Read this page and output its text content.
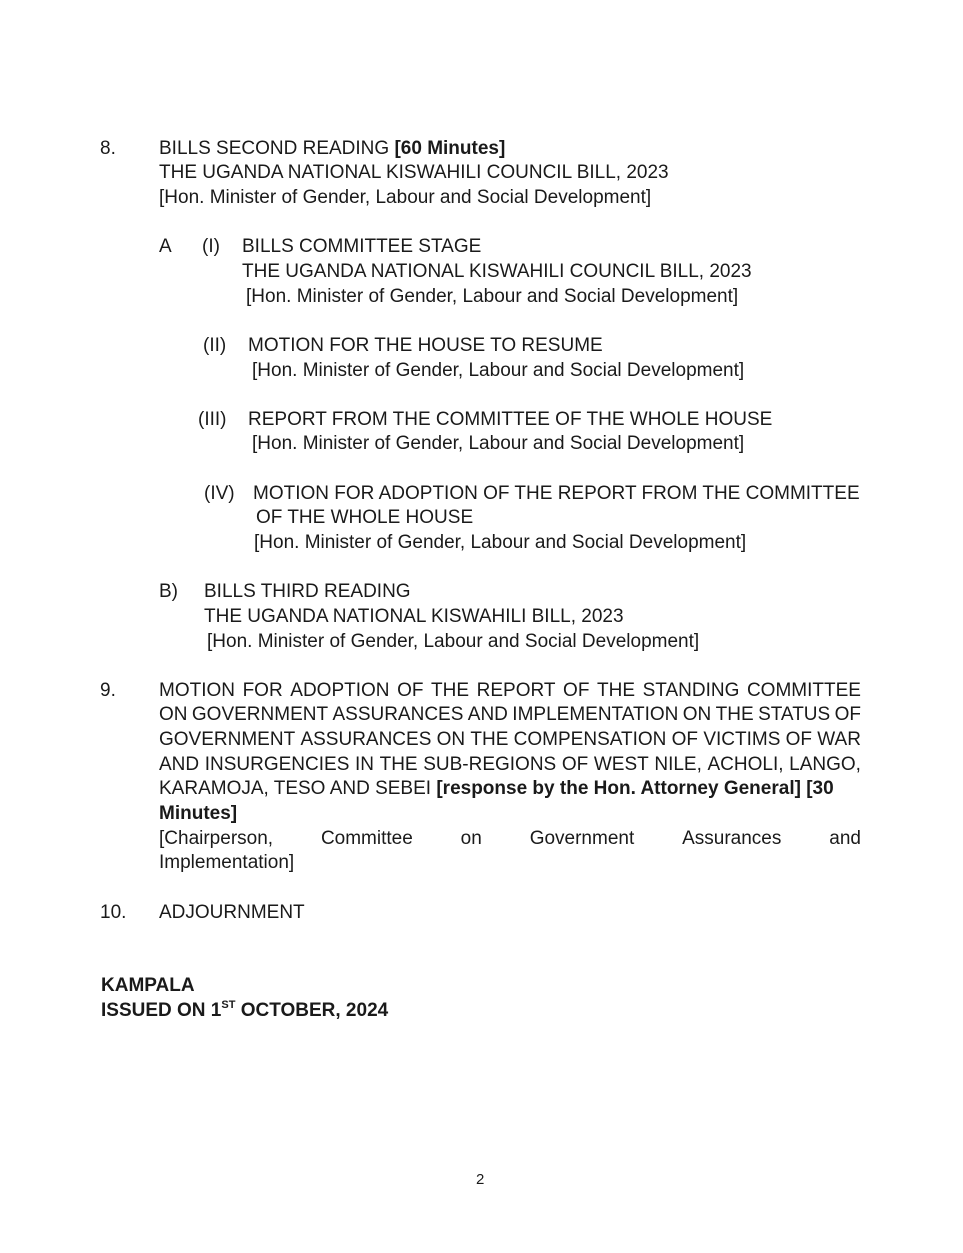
8. BILLS SECOND READING [60 Minutes]
THE UGANDA NATIONAL KISWAHILI COUNCIL BILL, 2023
[Hon. Minister of Gender, Labour and Social Development]
A (I) BILLS COMMITTEE STAGE
THE UGANDA NATIONAL KISWAHILI COUNCIL BILL, 2023
[Hon. Minister of Gender, Labour and Social Development]
(II) MOTION FOR THE HOUSE TO RESUME
[Hon. Minister of Gender, Labour and Social Development]
(III) REPORT FROM THE COMMITTEE OF THE WHOLE HOUSE
[Hon. Minister of Gender, Labour and Social Development]
(IV) MOTION FOR ADOPTION OF THE REPORT FROM THE COMMITTEE
OF THE WHOLE HOUSE
[Hon. Minister of Gender, Labour and Social Development]
B) BILLS THIRD READING
THE UGANDA NATIONAL KISWAHILI BILL, 2023
[Hon. Minister of Gender, Labour and Social Development]
9. MOTION FOR ADOPTION OF THE REPORT OF THE STANDING COMMITTEE
ON GOVERNMENT ASSURANCES AND IMPLEMENTATION ON THE STATUS OF
GOVERNMENT ASSURANCES ON THE COMPENSATION OF VICTIMS OF WAR
AND INSURGENCIES IN THE SUB-REGIONS OF WEST NILE, ACHOLI, LANGO,
KARAMOJA, TESO AND SEBEI [response by the Hon. Attorney General] [30
Minutes]
[Chairperson,	Committee	on	Government	Assurances	and
Implementation]
10. ADJOURNMENT
KAMPALA
ISSUED ON 1ST OCTOBER, 2024
2
